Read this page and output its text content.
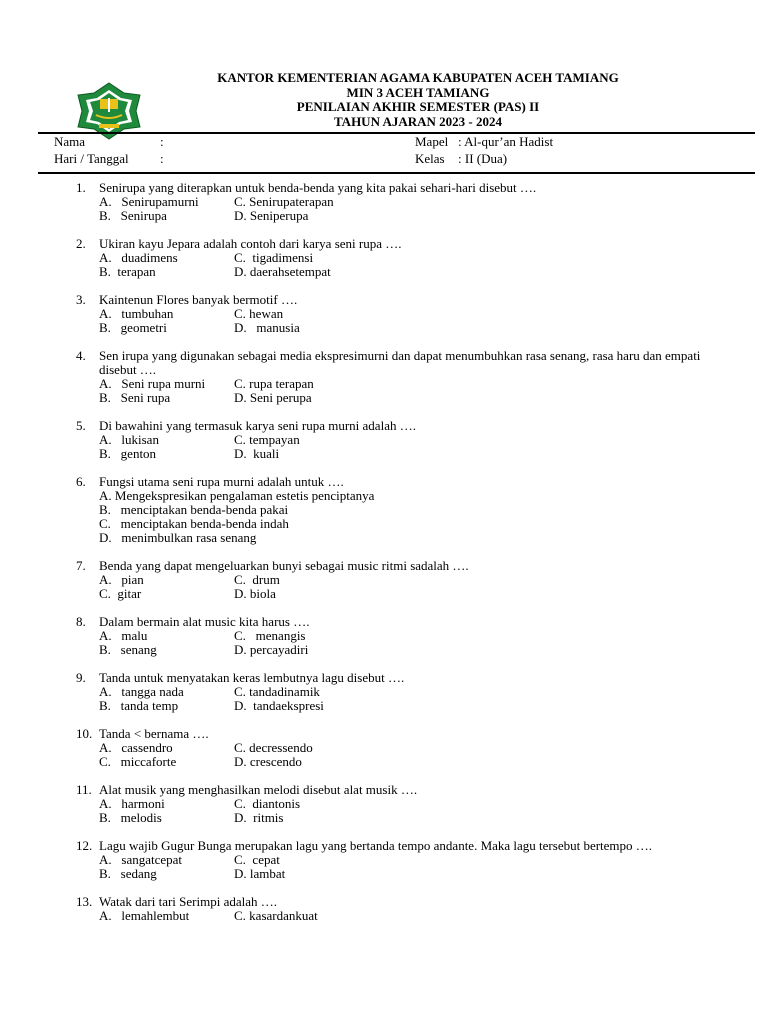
KANTOR KEMENTERIAN AGAMA KABUPATEN ACEH TAMIANG
MIN 3 ACEH TAMIANG
PENILAIAN AKHIR SEMESTER (PAS) II
TAHUN AJARAN 2023 - 2024
Nama	:	Mapel : Al-qur’an Hadist
Hari / Tanggal :	Kelas : II (Dua)
1. Senirupa yang diterapkan untuk benda-benda yang kita pakai sehari-hari disebut ….
A.   Senirupamurni	C. Senirupaterapan
B.   Senirupa	D. Seniperupa
2. Ukiran kayu Jepara adalah contoh dari karya seni rupa ….
A.   duadimens	C.  tigadimensi
B.  terapan	D. daerahsetempat
3. Kaintenun Flores banyak bermotif ….
A.   tumbuhan	C. hewan
B.   geometri	D.   manusia
4. Sen irupa yang digunakan sebagai media ekspresimurni dan dapat menumbuhkan rasa senang, rasa haru dan empati disebut ….
A.   Seni rupa murni C. rupa terapan
B.   Seni rupa	D. Seni perupa
5. Di bawahini yang termasuk karya seni rupa murni adalah ….
A.   lukisan	C. tempayan
B.   genton	D.  kuali
6. Fungsi utama seni rupa murni adalah untuk ….
A. Mengekspresikan pengalaman estetis penciptanya
B.   menciptakan benda-benda pakai
C.   menciptakan benda-benda indah
D.   menimbulkan rasa senang
7. Benda yang dapat mengeluarkan bunyi sebagai music ritmi sadalah ….
A.   pian	C.  drum
C.  gitar	D. biola
8. Dalam bermain alat music kita harus ….
A.   malu	C.   menangis
B.   senang	D. percayadiri
9. Tanda untuk menyatakan keras lembutnya lagu disebut ….
A.   tangga nada	C. tandadinamik
B.   tanda temp	D.  tandaekspresi
10. Tanda < bernama ….
A.   cassendro	C. decressendo
C.   miccaforte	D. crescendo
11. Alat musik yang menghasilkan melodi disebut alat musik ….
A.   harmoni	C.  diantonis
B.   melodis	D.  ritmis
12. Lagu wajib Gugur Bunga merupakan lagu yang bertanda tempo andante. Maka lagu tersebut bertempo ….
A.   sangatcepat	C.  cepat
B.   sedang	D. lambat
13. Watak dari tari Serimpi adalah ….
A.   lemahlembut	C. kasardankuat
